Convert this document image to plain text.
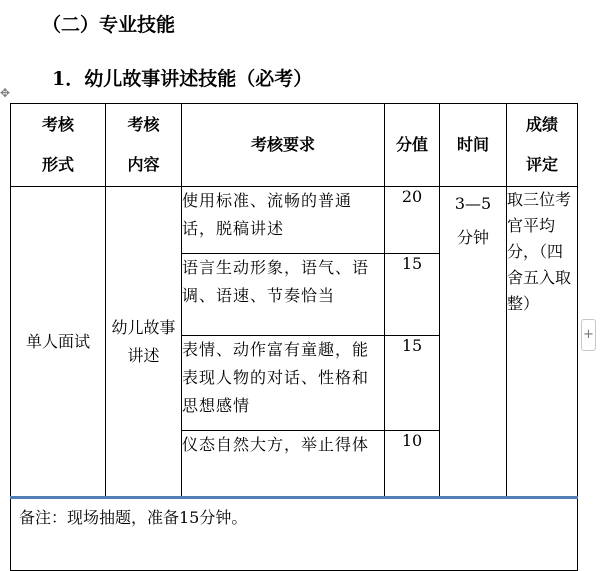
（二）专业技能
1．幼儿故事讲述技能（必考）
✥
+
考核形式	考核内容	考核要求	分值	时间	成绩评定

单人面试	幼儿故事讲述	使用标准、流畅的普通话，脱稿讲述	20	3—5分钟	取三位考官平均分，（四舍五入取整）

		语言生动形象，语气、语调、语速、节奏恰当	15		

		表情、动作富有童趣，能表现人物的对话、性格和思想感情	15		

		仪态自然大方，举止得体	10		
备注：现场抽题，准备15分钟。					
